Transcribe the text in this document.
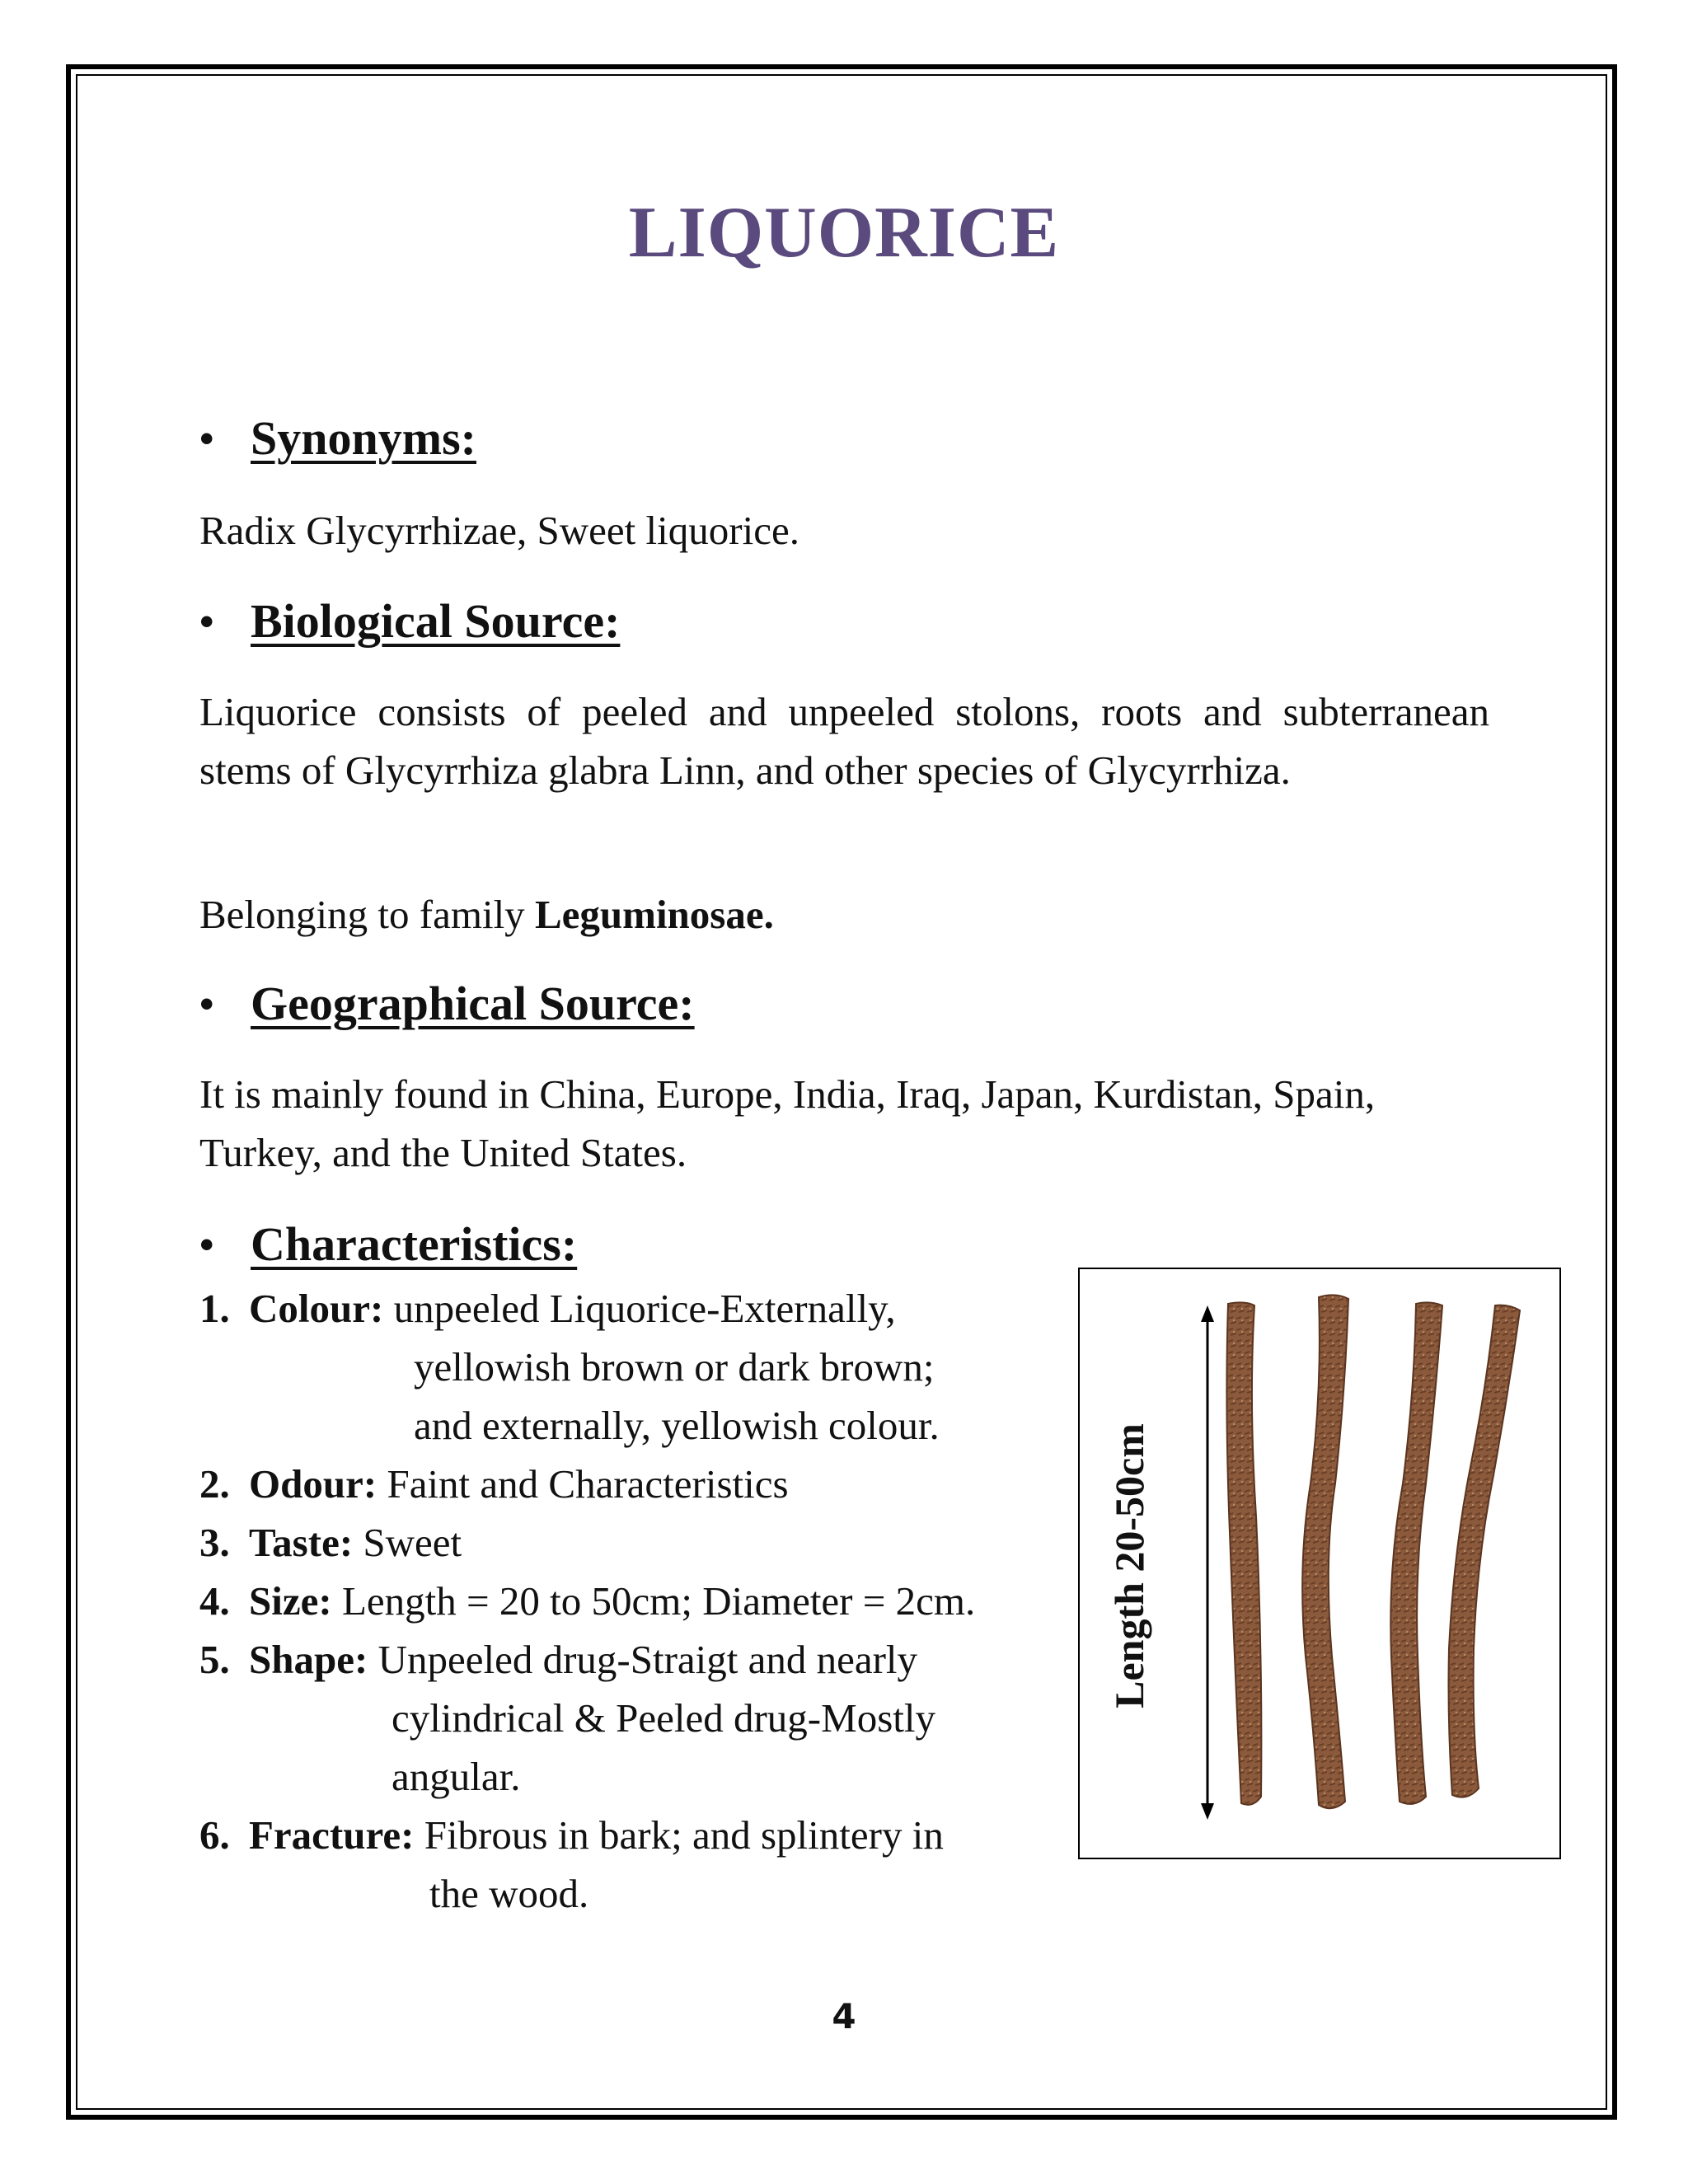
LIQUORICE
• Synonyms:
Radix Glycyrrhizae, Sweet liquorice.
• Biological Source:
Liquorice consists of peeled and unpeeled stolons, roots and subterranean stems of Glycyrrhiza glabra Linn, and other species of Glycyrrhiza.
Belonging to family Leguminosae.
• Geographical Source:
It is mainly found in China, Europe, India, Iraq, Japan, Kurdistan, Spain, Turkey, and the United States.
• Characteristics:
1. Colour: unpeeled Liquorice-Externally,
yellowish brown or dark brown;
and externally, yellowish colour.
2. Odour: Faint and Characteristics
3. Taste: Sweet
4. Size: Length = 20 to 50cm; Diameter = 2cm.
5. Shape: Unpeeled drug-Straigt and nearly
cylindrical & Peeled drug-Mostly
angular.
6. Fracture: Fibrous in bark; and splintery in
the wood.
Length 20-50cm
4
